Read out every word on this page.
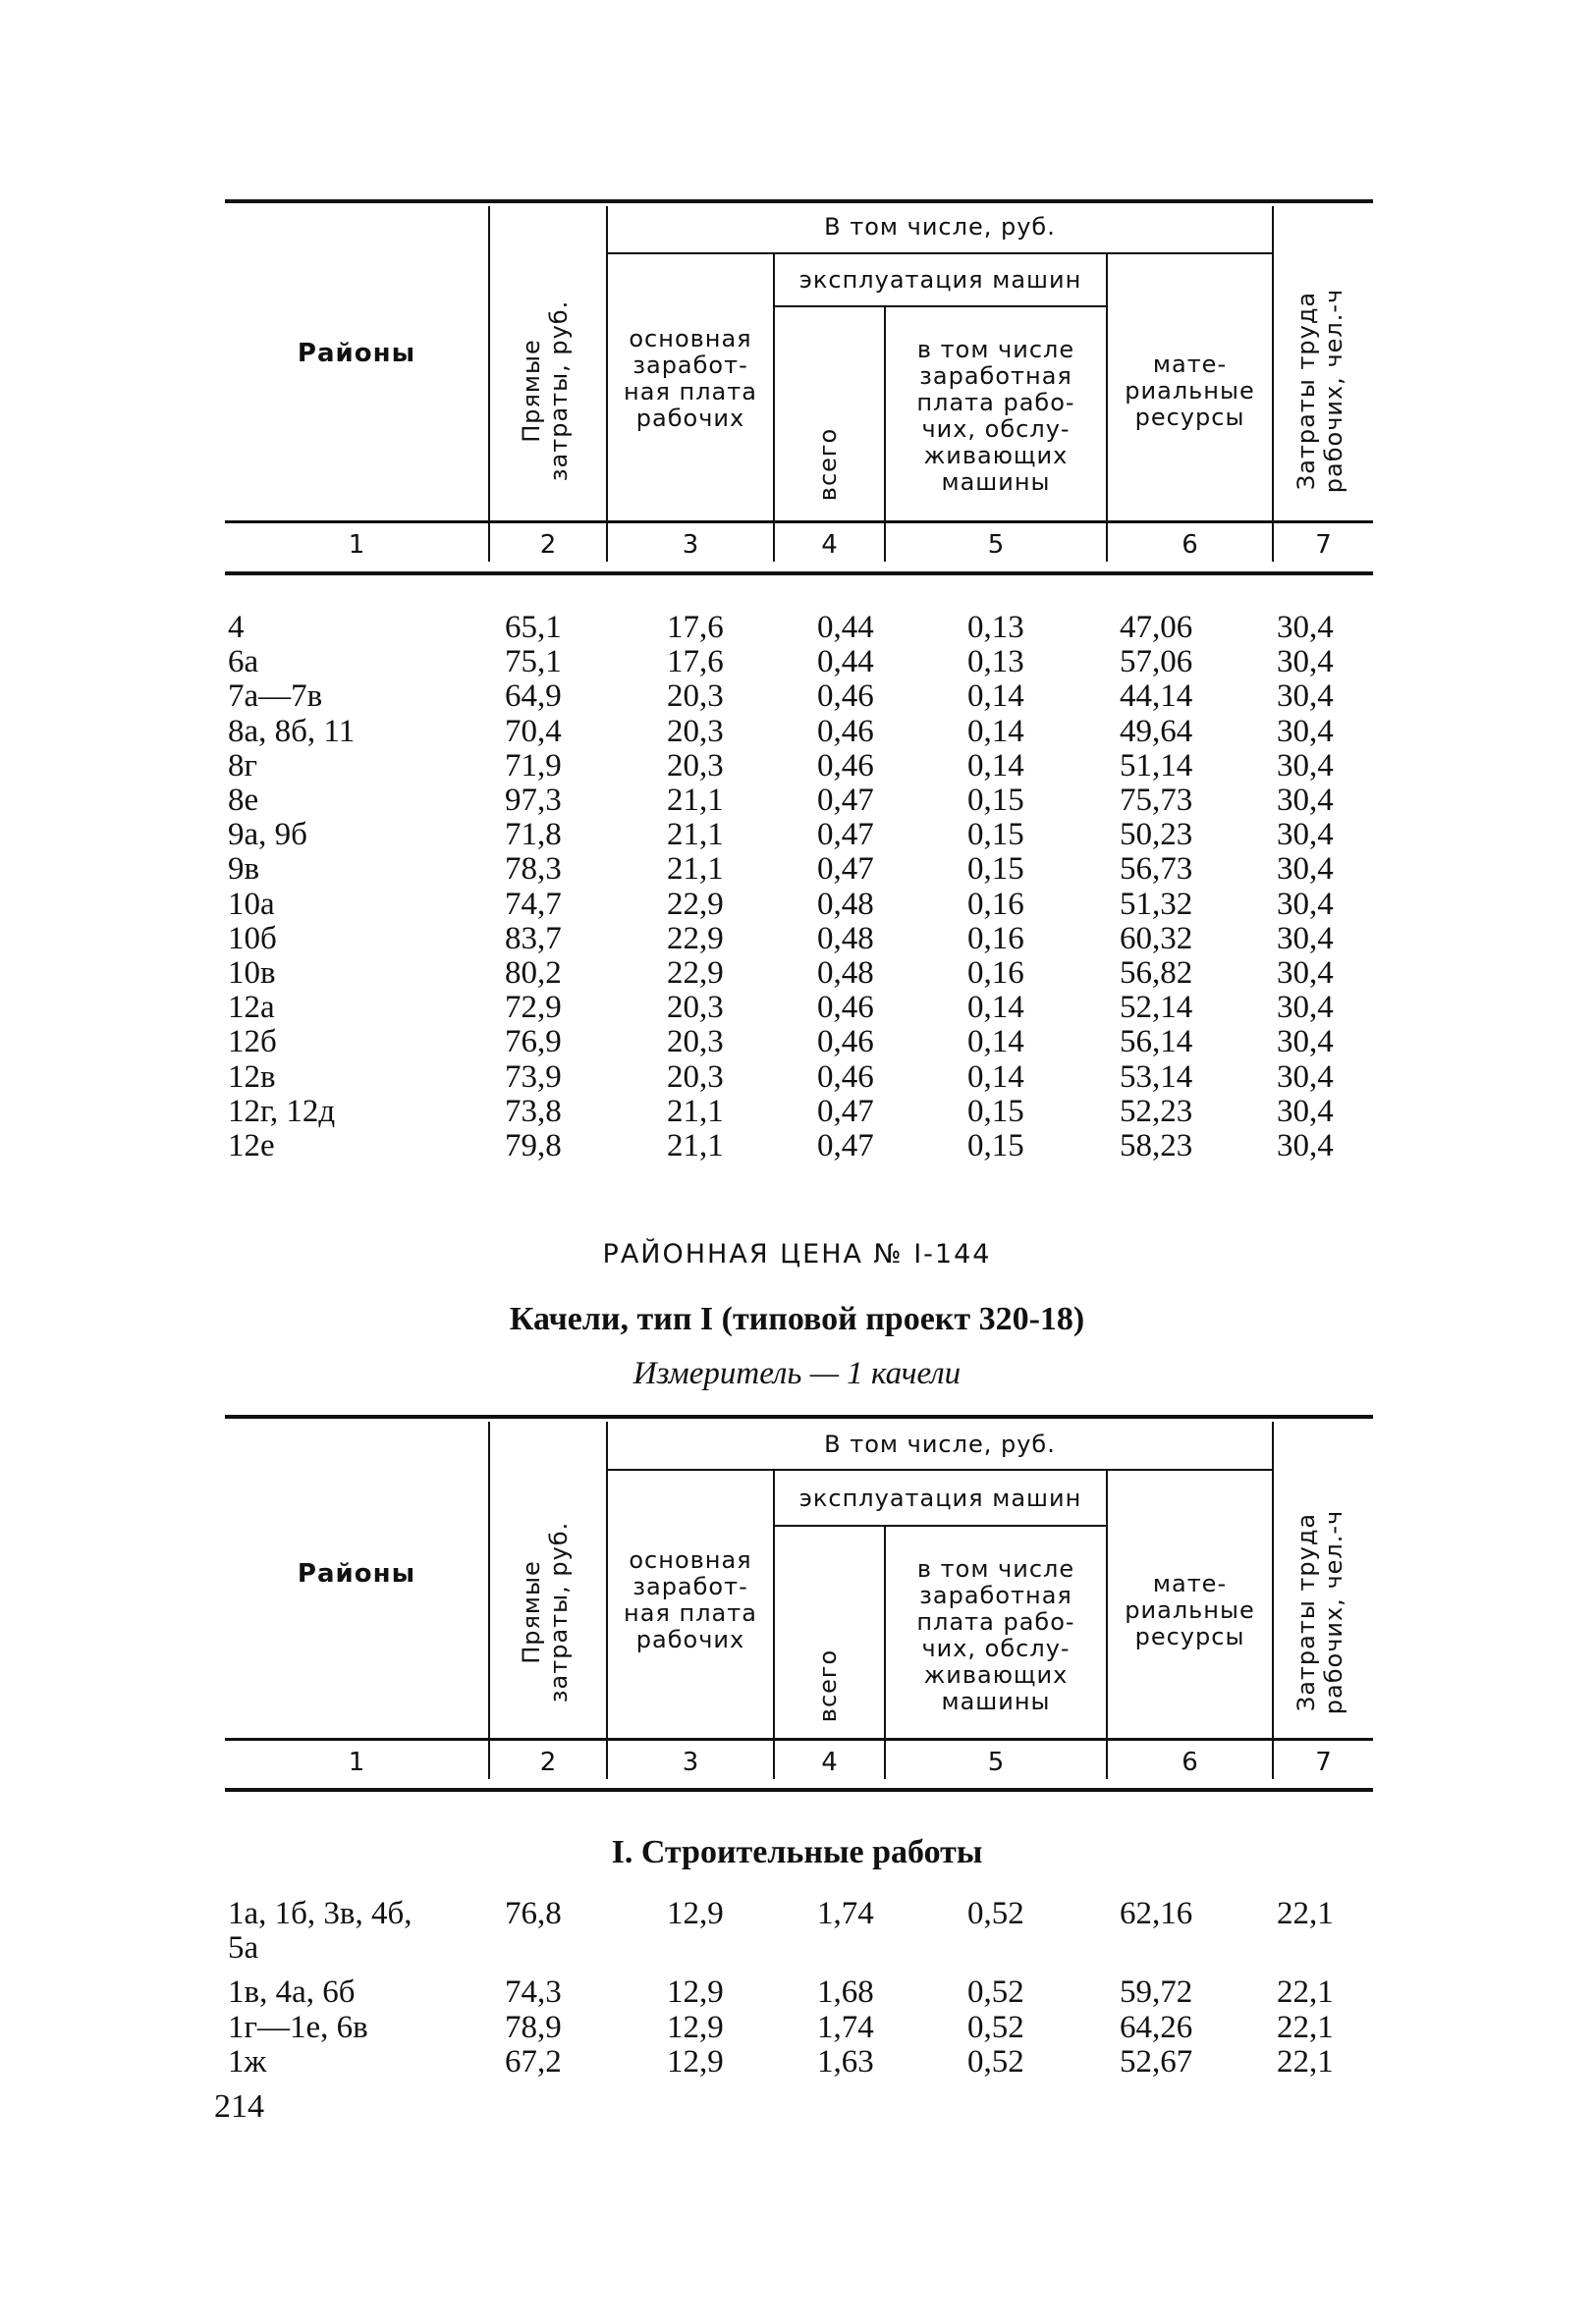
Районы	Прямые
затраты, руб.
В том числе, руб.
основная
заработ-
ная плата
рабочих
эксплуатация машин
всего
в том числе
заработная
плата рабо-
чих, обслу-
живающих
машины
мате-
риальные
ресурсы	Затраты труда
рабочих, чел.-ч
1	2	3	4	5	6	7
4	65,1	17,6	0,44	0,13	47,06	30,4
6а	75,1	17,6	0,44	0,13	57,06	30,4
7а—7в	64,9	20,3	0,46	0,14	44,14	30,4
8а, 8б, 11	70,4	20,3	0,46	0,14	49,64	30,4
8г	71,9	20,3	0,46	0,14	51,14	30,4
8е	97,3	21,1	0,47	0,15	75,73	30,4
9а, 9б	71,8	21,1	0,47	0,15	50,23	30,4
9в	78,3	21,1	0,47	0,15	56,73	30,4
10а	74,7	22,9	0,48	0,16	51,32	30,4
10б	83,7	22,9	0,48	0,16	60,32	30,4
10в	80,2	22,9	0,48	0,16	56,82	30,4
12а	72,9	20,3	0,46	0,14	52,14	30,4
12б	76,9	20,3	0,46	0,14	56,14	30,4
12в	73,9	20,3	0,46	0,14	53,14	30,4
12г, 12д	73,8	21,1	0,47	0,15	52,23	30,4
12е	79,8	21,1	0,47	0,15	58,23	30,4
РАЙОННАЯ ЦЕНА № I-144
Качели, тип I (типовой проект 320-18)
Измеритель — 1 качели
Районы	Прямые
затраты, руб.
В том числе, руб.
основная
заработ-
ная плата
рабочих
эксплуатация машин
всего
в том числе
заработная
плата рабо-
чих, обслу-
живающих
машины
мате-
риальные
ресурсы	Затраты труда
рабочих, чел.-ч
1	2	3	4	5	6	7
I. Строительные работы
1а, 1б, 3в, 4б,
5а
76,8	12,9	1,74	0,52	62,16	22,1
1в, 4а, 6б	74,3	12,9	1,68	0,52	59,72	22,1
1г—1е, 6в	78,9	12,9	1,74	0,52	64,26	22,1
1ж	67,2	12,9	1,63	0,52	52,67	22,1
214
